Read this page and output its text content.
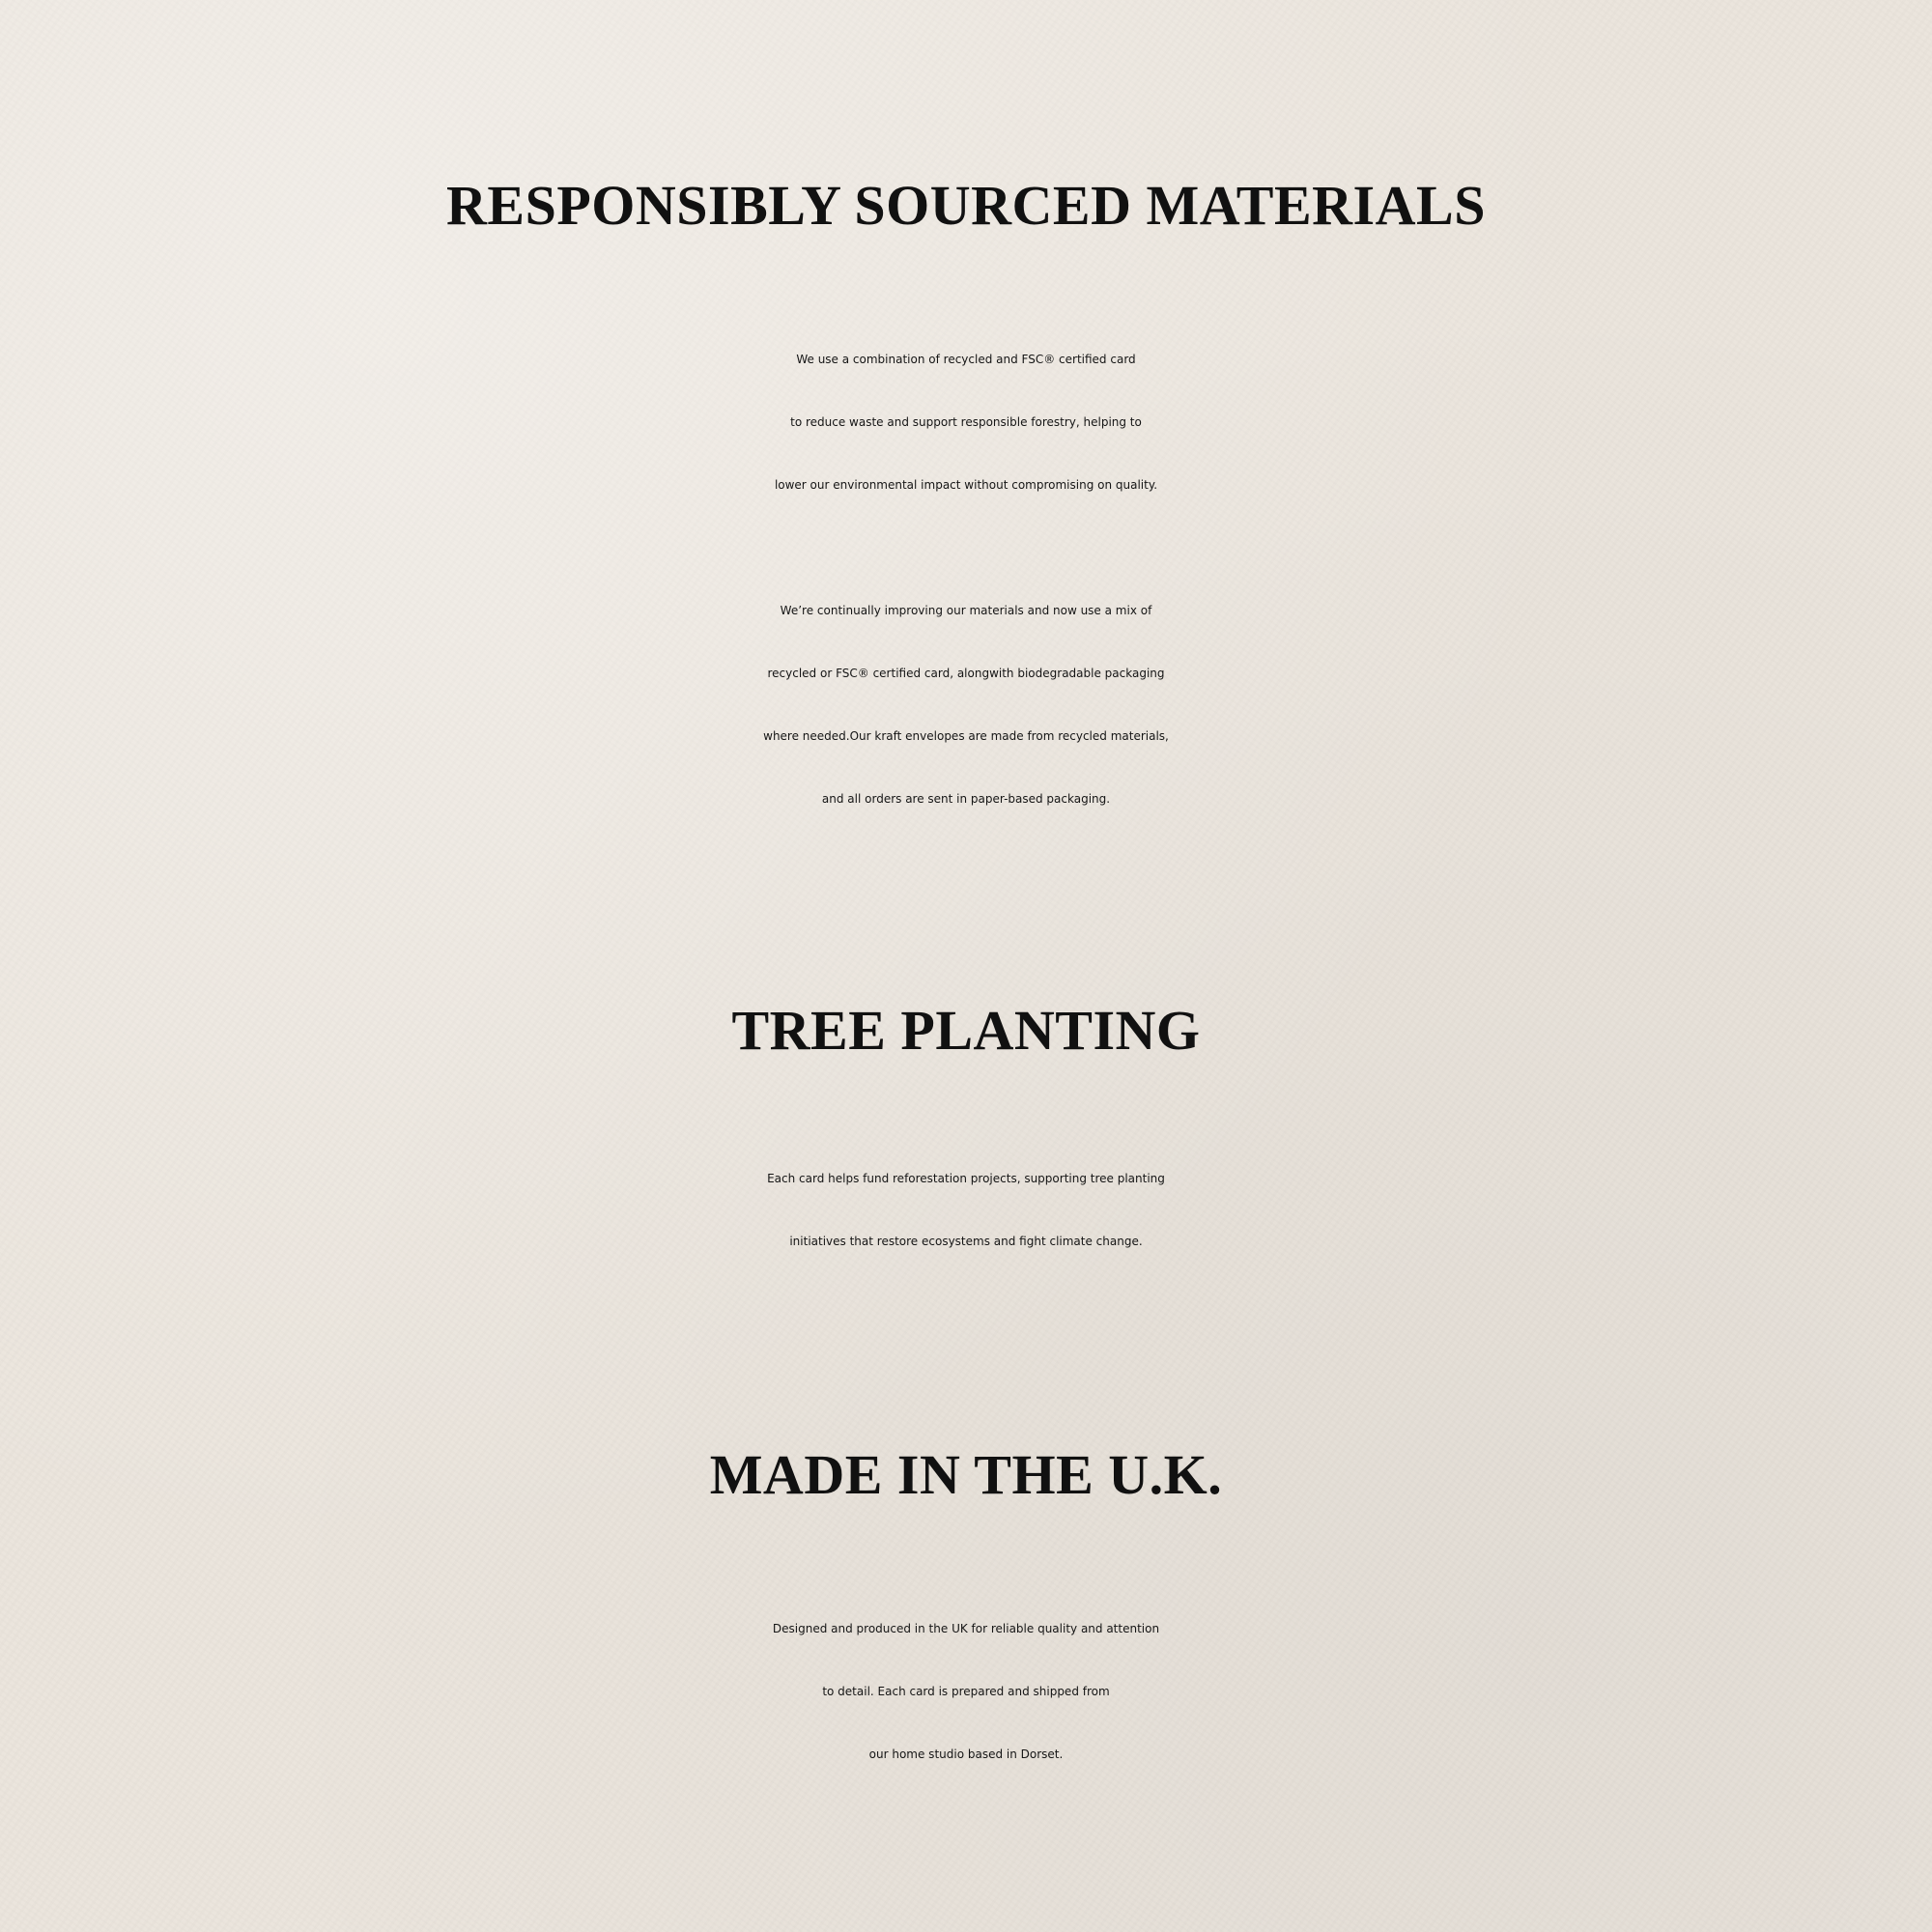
RESPONSIBLY SOURCED MATERIALS

We use a combination of recycled and FSC® certified card
to reduce waste and support responsible forestry, helping to
lower our environmental impact without compromising on quality.

We’re continually improving our materials and now use a mix of
recycled or FSC® certified card, alongwith biodegradable packaging
where needed.Our kraft envelopes are made from recycled materials,
and all orders are sent in paper-based packaging.

TREE PLANTING

Each card helps fund reforestation projects, supporting tree planting
initiatives that restore ecosystems and fight climate change.

MADE IN THE U.K.

Designed and produced in the UK for reliable quality and attention
to detail. Each card is prepared and shipped from
our home studio based in Dorset.
